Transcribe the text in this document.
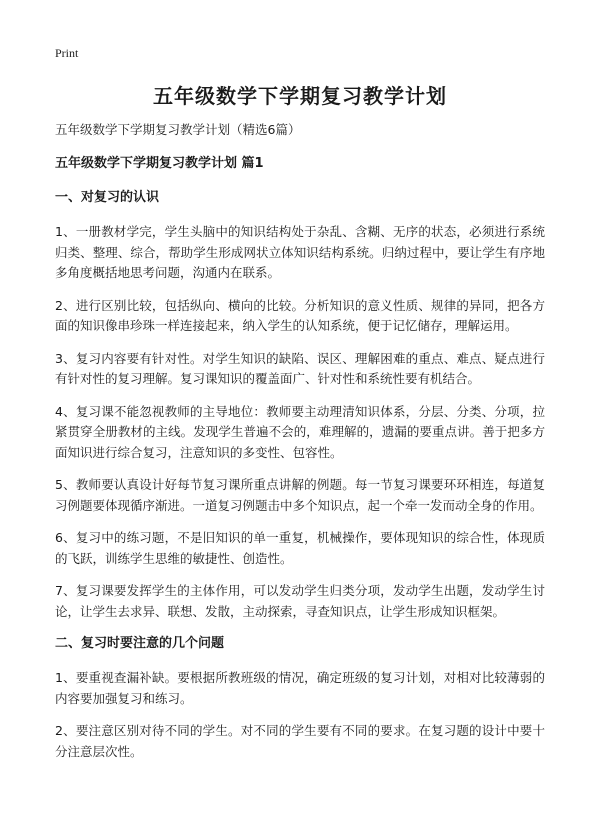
Print
五年级数学下学期复习教学计划

五年级数学下学期复习教学计划（精选6篇）

五年级数学下学期复习教学计划 篇1

一、对复习的认识

1、一册教材学完，学生头脑中的知识结构处于杂乱、含糊、无序的状态，必须进行系统归类、整理、综合，帮助学生形成网状立体知识结构系统。归纳过程中，要让学生有序地多角度概括地思考问题，沟通内在联系。

2、进行区别比较，包括纵向、横向的比较。分析知识的意义性质、规律的异同，把各方面的知识像串珍珠一样连接起来，纳入学生的认知系统，便于记忆储存，理解运用。

3、复习内容要有针对性。对学生知识的缺陷、误区、理解困难的重点、难点、疑点进行有针对性的复习理解。复习课知识的覆盖面广、针对性和系统性要有机结合。

4、复习课不能忽视教师的主导地位：教师要主动理清知识体系，分层、分类、分项，拉紧贯穿全册教材的主线。发现学生普遍不会的，难理解的，遗漏的要重点讲。善于把多方面知识进行综合复习，注意知识的多变性、包容性。

5、教师要认真设计好每节复习课所重点讲解的例题。每一节复习课要环环相连，每道复习例题要体现循序渐进。一道复习例题击中多个知识点，起一个牵一发而动全身的作用。

6、复习中的练习题，不是旧知识的单一重复，机械操作，要体现知识的综合性，体现质的飞跃，训练学生思维的敏捷性、创造性。

7、复习课要发挥学生的主体作用，可以发动学生归类分项，发动学生出题，发动学生讨论，让学生去求异、联想、发散，主动探索，寻查知识点，让学生形成知识框架。

二、复习时要注意的几个问题

1、要重视查漏补缺。要根据所教班级的情况，确定班级的复习计划，对相对比较薄弱的内容要加强复习和练习。

2、要注意区别对待不同的学生。对不同的学生要有不同的要求。在复习题的设计中要十分注意层次性。
